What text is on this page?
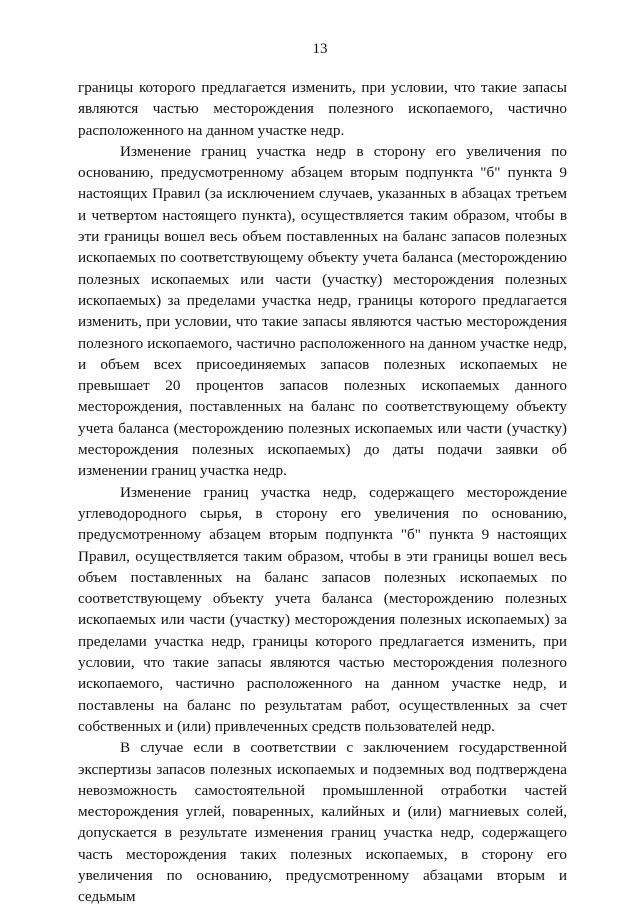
13

границы которого предлагается изменить, при условии, что такие запасы являются частью месторождения полезного ископаемого, частично расположенного на данном участке недр.

Изменение границ участка недр в сторону его увеличения по основанию, предусмотренному абзацем вторым подпункта "б" пункта 9 настоящих Правил (за исключением случаев, указанных в абзацах третьем и четвертом настоящего пункта), осуществляется таким образом, чтобы в эти границы вошел весь объем поставленных на баланс запасов полезных ископаемых по соответствующему объекту учета баланса (месторождению полезных ископаемых или части (участку) месторождения полезных ископаемых) за пределами участка недр, границы которого предлагается изменить, при условии, что такие запасы являются частью месторождения полезного ископаемого, частично расположенного на данном участке недр, и объем всех присоединяемых запасов полезных ископаемых не превышает 20 процентов запасов полезных ископаемых данного месторождения, поставленных на баланс по соответствующему объекту учета баланса (месторождению полезных ископаемых или части (участку) месторождения полезных ископаемых) до даты подачи заявки об изменении границ участка недр.

Изменение границ участка недр, содержащего месторождение углеводородного сырья, в сторону его увеличения по основанию, предусмотренному абзацем вторым подпункта "б" пункта 9 настоящих Правил, осуществляется таким образом, чтобы в эти границы вошел весь объем поставленных на баланс запасов полезных ископаемых по соответствующему объекту учета баланса (месторождению полезных ископаемых или части (участку) месторождения полезных ископаемых) за пределами участка недр, границы которого предлагается изменить, при условии, что такие запасы являются частью месторождения полезного ископаемого, частично расположенного на данном участке недр, и поставлены на баланс по результатам работ, осуществленных за счет собственных и (или) привлеченных средств пользователей недр.

В случае если в соответствии с заключением государственной экспертизы запасов полезных ископаемых и подземных вод подтверждена невозможность самостоятельной промышленной отработки частей месторождения углей, поваренных, калийных и (или) магниевых солей, допускается в результате изменения границ участка недр, содержащего часть месторождения таких полезных ископаемых, в сторону его увеличения по основанию, предусмотренному абзацами вторым и седьмым
